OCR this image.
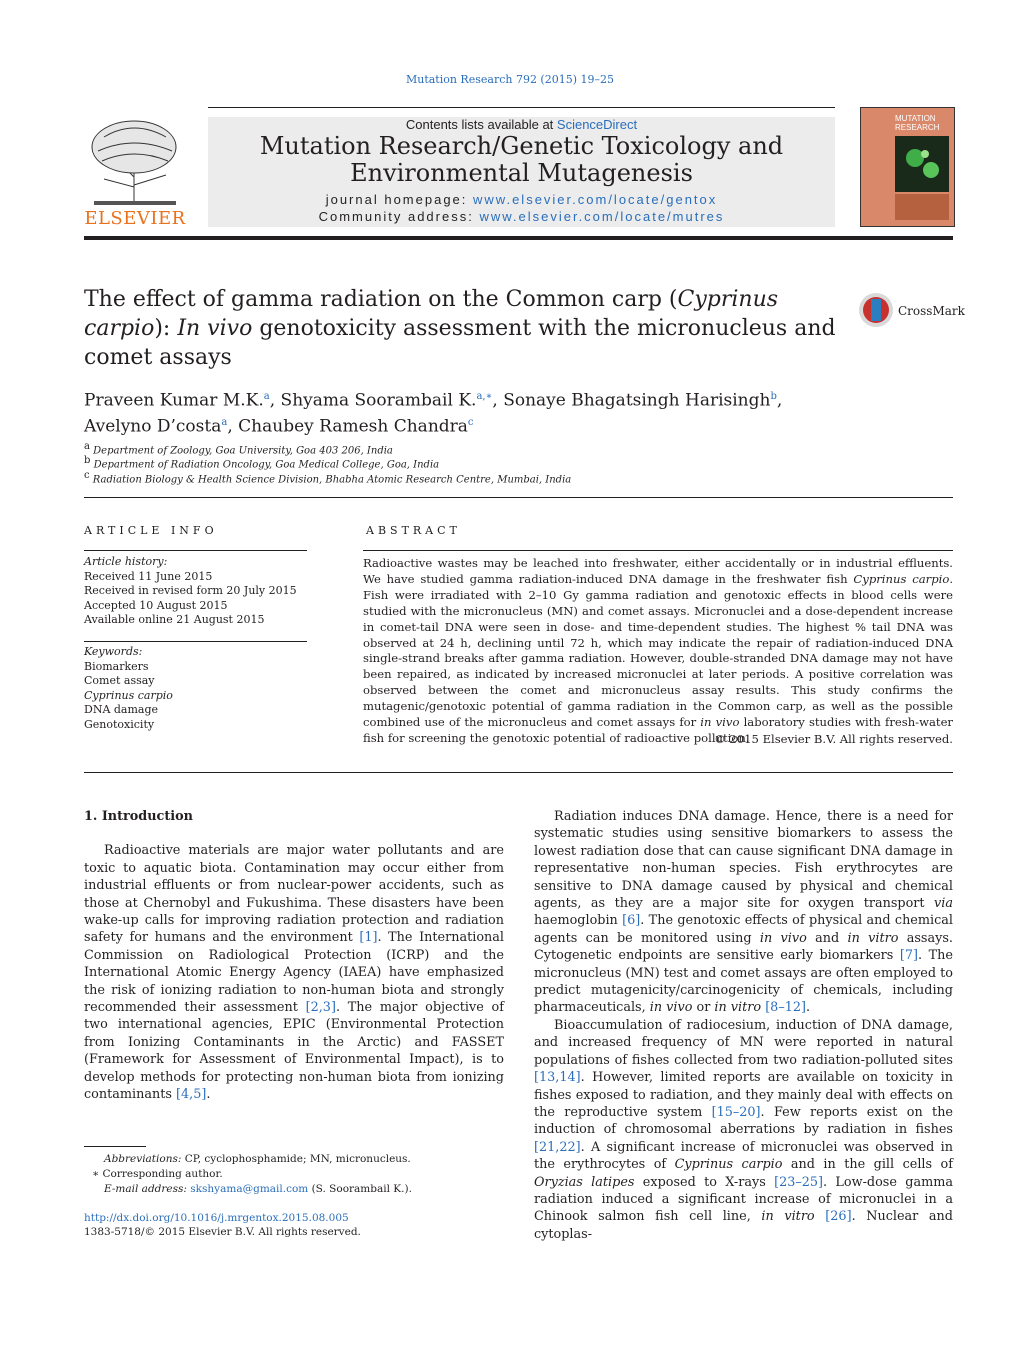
Mutation Research 792 (2015) 19–25
ELSEVIER
Contents lists available at ScienceDirect
Mutation Research/Genetic Toxicology and Environmental Mutagenesis
journal homepage: www.elsevier.com/locate/gentox
Community address: www.elsevier.com/locate/mutres
MUTATION RESEARCH
The effect of gamma radiation on the Common carp (Cyprinus carpio): In vivo genotoxicity assessment with the micronucleus and comet assays
CrossMark
Praveen Kumar M.K.$^a$, Shyama Soorambail K.$^{a,∗}$, Sonaye Bhagatsingh Harisingh$^b$,
Avelyno D’costa$^a$, Chaubey Ramesh Chandra$^c$
$^a$ Department of Zoology, Goa University, Goa 403 206, India
$^b$ Department of Radiation Oncology, Goa Medical College, Goa, India
$^c$ Radiation Biology & Health Science Division, Bhabha Atomic Research Centre, Mumbai, India
ARTICLE INFO	ABSTRACT
Article history:
Received 11 June 2015
Received in revised form 20 July 2015
Accepted 10 August 2015
Available online 21 August 2015
Keywords:
Biomarkers
Comet assay
Cyprinus carpio
DNA damage
Genotoxicity
Radioactive wastes may be leached into freshwater, either accidentally or in industrial effluents. We have studied gamma radiation-induced DNA damage in the freshwater fish Cyprinus carpio. Fish were irradiated with 2–10 Gy gamma radiation and genotoxic effects in blood cells were studied with the micronucleus (MN) and comet assays. Micronuclei and a dose-dependent increase in comet-tail DNA were seen in dose- and time-dependent studies. The highest % tail DNA was observed at 24 h, declining until 72 h, which may indicate the repair of radiation-induced DNA single-strand breaks after gamma radiation. However, double-stranded DNA damage may not have been repaired, as indicated by increased micronuclei at later periods. A positive correlation was observed between the comet and micronucleus assay results. This study confirms the mutagenic/genotoxic potential of gamma radiation in the Common carp, as well as the possible combined use of the micronucleus and comet assays for in vivo laboratory studies with fresh-water fish for screening the genotoxic potential of radioactive pollution.
© 2015 Elsevier B.V. All rights reserved.
1. Introduction

Radioactive materials are major water pollutants and are toxic to aquatic biota. Contamination may occur either from industrial effluents or from nuclear-power accidents, such as those at Chernobyl and Fukushima. These disasters have been wake-up calls for improving radiation protection and radiation safety for humans and the environment [1]. The International Commission on Radiological Protection (ICRP) and the International Atomic Energy Agency (IAEA) have emphasized the risk of ionizing radiation to non-human biota and strongly recommended their assessment [2,3]. The major objective of two international agencies, EPIC (Environmental Protection from Ionizing Contaminants in the Arctic) and FASSET (Framework for Assessment of Environmental Impact), is to develop methods for protecting non-human biota from ionizing contaminants [4,5].

Radiation induces DNA damage. Hence, there is a need for systematic studies using sensitive biomarkers to assess the lowest radiation dose that can cause significant DNA damage in representative non-human species. Fish erythrocytes are sensitive to DNA damage caused by physical and chemical agents, as they are a major site for oxygen transport via haemoglobin [6]. The genotoxic effects of physical and chemical agents can be monitored using in vivo and in vitro assays. Cytogenetic endpoints are sensitive early biomarkers [7]. The micronucleus (MN) test and comet assays are often employed to predict mutagenicity/carcinogenicity of chemicals, including pharmaceuticals, in vivo or in vitro [8–12].

Bioaccumulation of radiocesium, induction of DNA damage, and increased frequency of MN were reported in natural populations of fishes collected from two radiation-polluted sites [13,14]. However, limited reports are available on toxicity in fishes exposed to radiation, and they mainly deal with effects on the reproductive system [15–20]. Few reports exist on the induction of chromosomal aberrations by radiation in fishes [21,22]. A significant increase of micronuclei was observed in the erythrocytes of Cyprinus carpio and in the gill cells of Oryzias latipes exposed to X-rays [23–25]. Low-dose gamma radiation induced a significant increase of micronuclei in a Chinook salmon fish cell line, in vitro [26]. Nuclear and cytoplas-

Abbreviations: CP, cyclophosphamide; MN, micronucleus.
∗ Corresponding author.
E-mail address: skshyama@gmail.com (S. Soorambail K.).
http://dx.doi.org/10.1016/j.mrgentox.2015.08.005
1383-5718/© 2015 Elsevier B.V. All rights reserved.
